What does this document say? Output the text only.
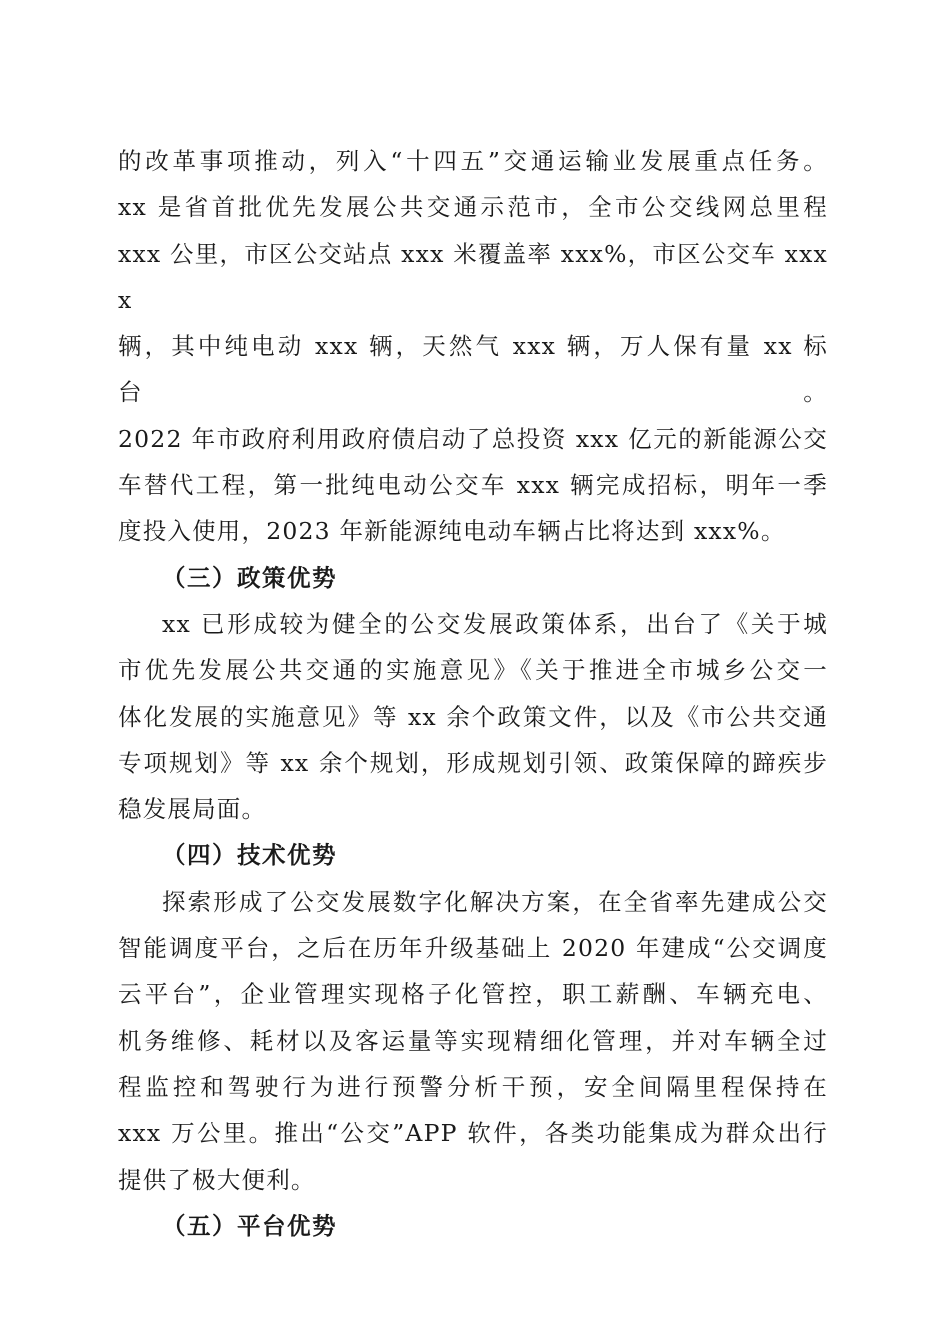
的改革事项推动，列入“十四五”交通运输业发展重点任务。
xx 是省首批优先发展公共交通示范市，全市公交线网总里程
xxx 公里，市区公交站点 xxx 米覆盖率 xxx%，市区公交车 xxxx
辆，其中纯电动 xxx 辆，天然气 xxx 辆，万人保有量 xx 标台。
2022 年市政府利用政府债启动了总投资 xxx 亿元的新能源公交
车替代工程，第一批纯电动公交车 xxx 辆完成招标，明年一季
度投入使用，2023 年新能源纯电动车辆占比将达到 xxx%。
（三）政策优势
xx 已形成较为健全的公交发展政策体系，出台了《关于城
市优先发展公共交通的实施意见》《关于推进全市城乡公交一
体化发展的实施意见》等 xx 余个政策文件，以及《市公共交通
专项规划》等 xx 余个规划，形成规划引领、政策保障的蹄疾步
稳发展局面。
（四）技术优势
探索形成了公交发展数字化解决方案，在全省率先建成公交
智能调度平台，之后在历年升级基础上 2020 年建成“公交调度
云平台”，企业管理实现格子化管控，职工薪酬、车辆充电、
机务维修、耗材以及客运量等实现精细化管理，并对车辆全过
程监控和驾驶行为进行预警分析干预，安全间隔里程保持在
xxx 万公里。推出“公交”APP 软件，各类功能集成为群众出行
提供了极大便利。
（五）平台优势
